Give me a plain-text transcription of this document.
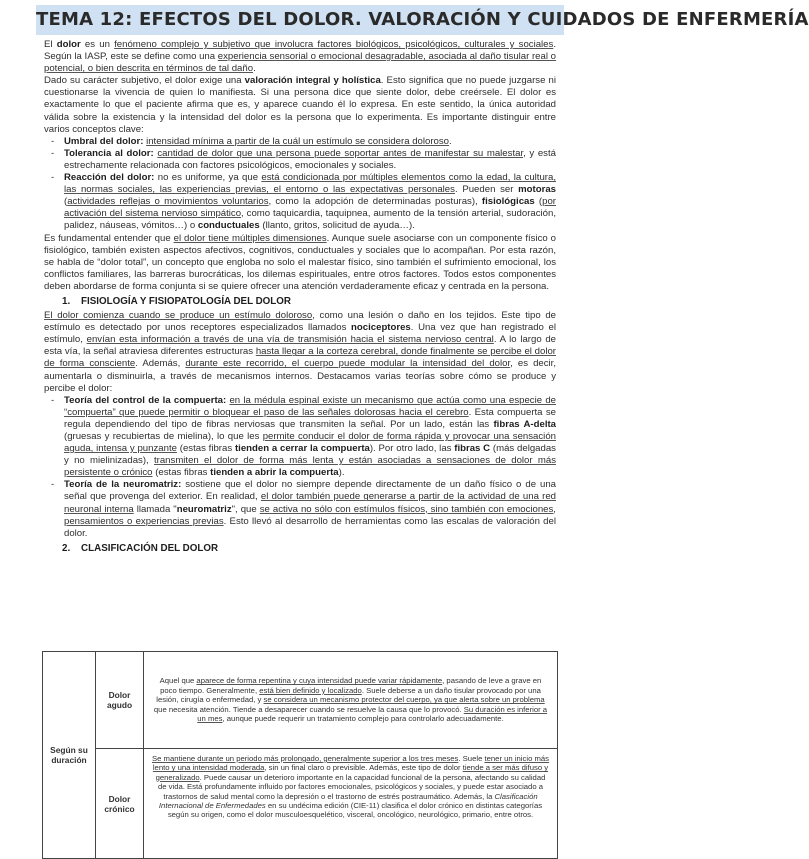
TEMA 12: EFECTOS DEL DOLOR. VALORACIÓN Y CUIDADOS DE ENFERMERÍA

El dolor es un fenómeno complejo y subjetivo que involucra factores biológicos, psicológicos, culturales y sociales. Según la IASP, este se define como una experiencia sensorial o emocional desagradable, asociada al daño tisular real o potencial, o bien descrita en términos de tal daño.

Dado su carácter subjetivo, el dolor exige una valoración integral y holística. Esto significa que no puede juzgarse ni cuestionarse la vivencia de quien lo manifiesta. Si una persona dice que siente dolor, debe creérsele. El dolor es exactamente lo que el paciente afirma que es, y aparece cuando él lo expresa. En este sentido, la única autoridad válida sobre la existencia y la intensidad del dolor es la persona que lo experimenta. Es importante distinguir entre varios conceptos clave:

- Umbral del dolor: intensidad mínima a partir de la cuál un estímulo se considera doloroso.
- Tolerancia al dolor: cantidad de dolor que una persona puede soportar antes de manifestar su malestar, y está estrechamente relacionada con factores psicológicos, emocionales y sociales.
- Reacción del dolor: no es uniforme, ya que está condicionada por múltiples elementos como la edad, la cultura, las normas sociales, las experiencias previas, el entorno o las expectativas personales. Pueden ser motoras (actividades reflejas o movimientos voluntarios, como la adopción de determinadas posturas), fisiológicas (por activación del sistema nervioso simpático, como taquicardia, taquipnea, aumento de la tensión arterial, sudoración, palidez, náuseas, vómitos…) o conductuales (llanto, gritos, solicitud de ayuda…).

Es fundamental entender que el dolor tiene múltiples dimensiones. Aunque suele asociarse con un componente físico o fisiológico, también existen aspectos afectivos, cognitivos, conductuales y sociales que lo acompañan. Por esta razón, se habla de “dolor total”, un concepto que engloba no solo el malestar físico, sino también el sufrimiento emocional, los conflictos familiares, las barreras burocráticas, los dilemas espirituales, entre otros factores. Todos estos componentes deben abordarse de forma conjunta si se quiere ofrecer una atención verdaderamente eficaz y centrada en la persona.

1.    FISIOLOGÍA Y FISIOPATOLOGÍA DEL DOLOR

El dolor comienza cuando se produce un estímulo doloroso, como una lesión o daño en los tejidos. Este tipo de estímulo es detectado por unos receptores especializados llamados nociceptores. Una vez que han registrado el estímulo, envían esta información a través de una vía de transmisión hacia el sistema nervioso central. A lo largo de esta vía, la señal atraviesa diferentes estructuras hasta llegar a la corteza cerebral, donde finalmente se percibe el dolor de forma consciente. Además, durante este recorrido, el cuerpo puede modular la intensidad del dolor, es decir, aumentarla o disminuirla, a través de mecanismos internos. Destacamos varias teorías sobre cómo se produce y percibe el dolor:

- Teoría del control de la compuerta: en la médula espinal existe un mecanismo que actúa como una especie de “compuerta” que puede permitir o bloquear el paso de las señales dolorosas hacia el cerebro. Esta compuerta se regula dependiendo del tipo de fibras nerviosas que transmiten la señal. Por un lado, están las fibras A-delta (gruesas y recubiertas de mielina), lo que les permite conducir el dolor de forma rápida y provocar una sensación aguda, intensa y punzante (estas fibras tienden a cerrar la compuerta). Por otro lado, las fibras C (más delgadas y no mielinizadas), transmiten el dolor de forma más lenta y están asociadas a sensaciones de dolor más persistente o crónico (estas fibras tienden a abrir la compuerta).
- Teoría de la neuromatriz: sostiene que el dolor no siempre depende directamente de un daño físico o de una señal que provenga del exterior. En realidad, el dolor también puede generarse a partir de la actividad de una red neuronal interna llamada "neuromatriz", que se activa no sólo con estímulos físicos, sino también con emociones, pensamientos o experiencias previas. Esto llevó al desarrollo de herramientas como las escalas de valoración del dolor.
2.    CLASIFICACIÓN DEL DOLOR
Según su duración	Dolor agudo	Aquel que aparece de forma repentina y cuya intensidad puede variar rápidamente, pasando de leve a grave en poco tiempo. Generalmente, está bien definido y localizado. Suele deberse a un daño tisular provocado por una lesión, cirugía o enfermedad, y se considera un mecanismo protector del cuerpo, ya que alerta sobre un problema que necesita atención. Tiende a desaparecer cuando se resuelve la causa que lo provocó. Su duración es inferior a un mes, aunque puede requerir un tratamiento complejo para controlarlo adecuadamente.
	Dolor crónico	Se mantiene durante un periodo más prolongado, generalmente superior a los tres meses. Suele tener un inicio más lento y una intensidad moderada, sin un final claro o previsible. Además, este tipo de dolor tiende a ser más difuso y generalizado. Puede causar un deterioro importante en la capacidad funcional de la persona, afectando su calidad de vida. Está profundamente influido por factores emocionales, psicológicos y sociales, y puede estar asociado a trastornos de salud mental como la depresión o el trastorno de estrés postraumático. Además, la Clasificación Internacional de Enfermedades en su undécima edición (CIE-11) clasifica el dolor crónico en distintas categorías según su origen, como el dolor musculoesquelético, visceral, oncológico, neurológico, primario, entre otros.
